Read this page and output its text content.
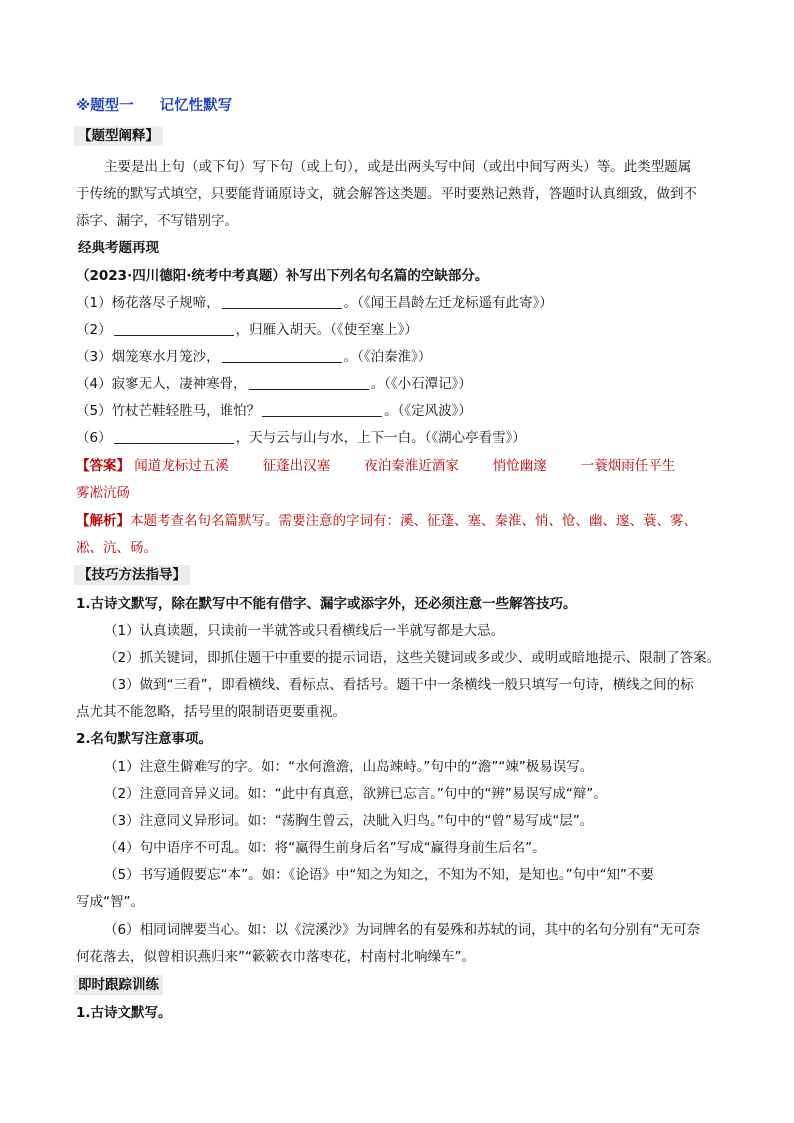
※题型一 记忆性默写
【题型阐释】
主要是出上句（或下句）写下句（或上句），或是出两头写中间（或出中间写两头）等。此类型题属
于传统的默写式填空，只要能背诵原诗文，就会解答这类题。平时要熟记熟背，答题时认真细致，做到不
添字、漏字，不写错别字。
经典考题再现
（2023·四川德阳·统考中考真题）补写出下列名句名篇的空缺部分。
（1）杨花落尽子规啼，	。（《闻王昌龄左迁龙标遥有此寄》）
（2）	，归雁入胡天。（《使至塞上》）
（3）烟笼寒水月笼沙，	。（《泊秦淮》）
（4）寂寥无人，凄神寒骨，	。（《小石潭记》）
（5）竹杖芒鞋轻胜马，谁怕？	。（《定风波》）
（6）	，天与云与山与水，上下一白。（《湖心亭看雪》）
【答案】 闻道龙标过五溪	征蓬出汉塞	夜泊秦淮近酒家	悄怆幽邃	一蓑烟雨任平生
雾凇沆砀
【解析】本题考查名句名篇默写。需要注意的字词有：溪、征蓬、塞、秦淮、悄、怆、幽、邃、蓑、雾、
凇、沆、砀。
【技巧方法指导】
1.古诗文默写，除在默写中不能有借字、漏字或添字外，还必须注意一些解答技巧。
（1）认真读题，只读前一半就答或只看横线后一半就写都是大忌。
（2）抓关键词，即抓住题干中重要的提示词语，这些关键词或多或少、或明或暗地提示、限制了答案。
（3）做到“三看”，即看横线、看标点、看括号。题干中一条横线一般只填写一句诗，横线之间的标
点尤其不能忽略，括号里的限制语更要重视。
2.名句默写注意事项。
（1）注意生僻难写的字。如：“水何澹澹，山岛竦峙。”句中的“澹”“竦”极易误写。
（2）注意同音异义词。如：“此中有真意，欲辨已忘言。”句中的“辨”易误写成“辩”。
（3）注意同义异形词。如：“荡胸生曾云，决眦入归鸟。”句中的“曾”易写成“层”。
（4）句中语序不可乱。如：将“赢得生前身后名”写成“赢得身前生后名”。
（5）书写通假要忘“本”。如：《论语》中“知之为知之，不知为不知，是知也。”句中“知”不要
写成“智”。
（6）相同词牌要当心。如：以《浣溪沙》为词牌名的有晏殊和苏轼的词，其中的名句分别有“无可奈
何花落去，似曾相识燕归来”“簌簌衣巾落枣花，村南村北响缲车”。
即时跟踪训练
1.古诗文默写。
